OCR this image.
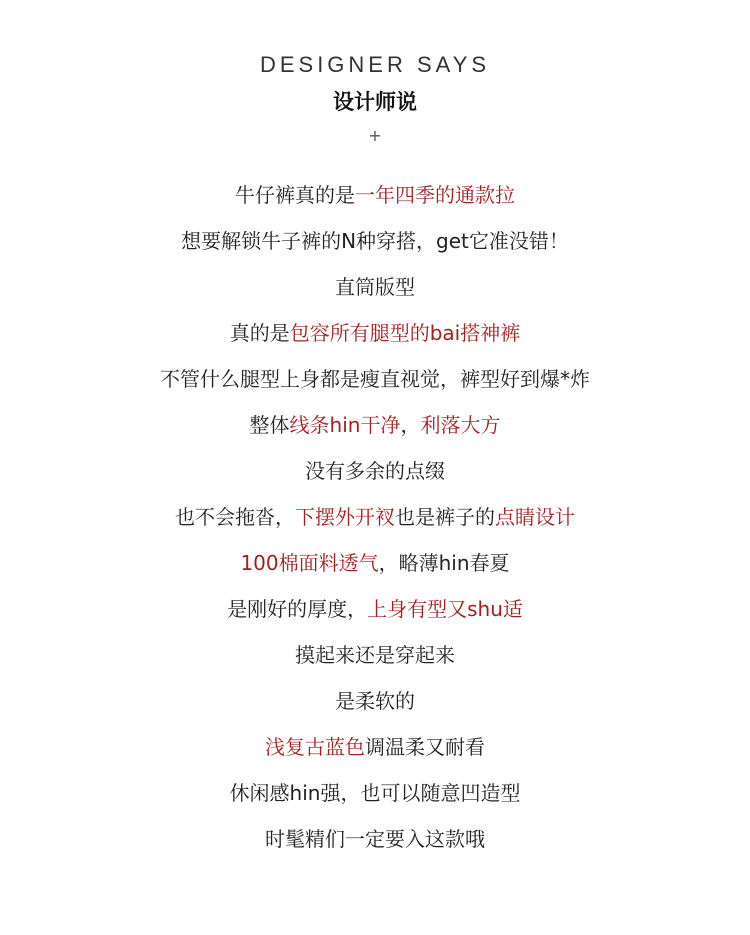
DESIGNER SAYS
设计师说
+
牛仔裤真的是一年四季的通款拉
想要解锁牛子裤的N种穿搭，get它准没错！
直筒版型
真的是包容所有腿型的bai搭神裤
不管什么腿型上身都是瘦直视觉，裤型好到爆*炸
整体线条hin干净，利落大方
没有多余的点缀
也不会拖沓，下摆外开衩也是裤子的点睛设计
100棉面料透气，略薄hin春夏
是刚好的厚度，上身有型又shu适
摸起来还是穿起来
是柔软的
浅复古蓝色调温柔又耐看
休闲感hin强，也可以随意凹造型
时髦精们一定要入这款哦
